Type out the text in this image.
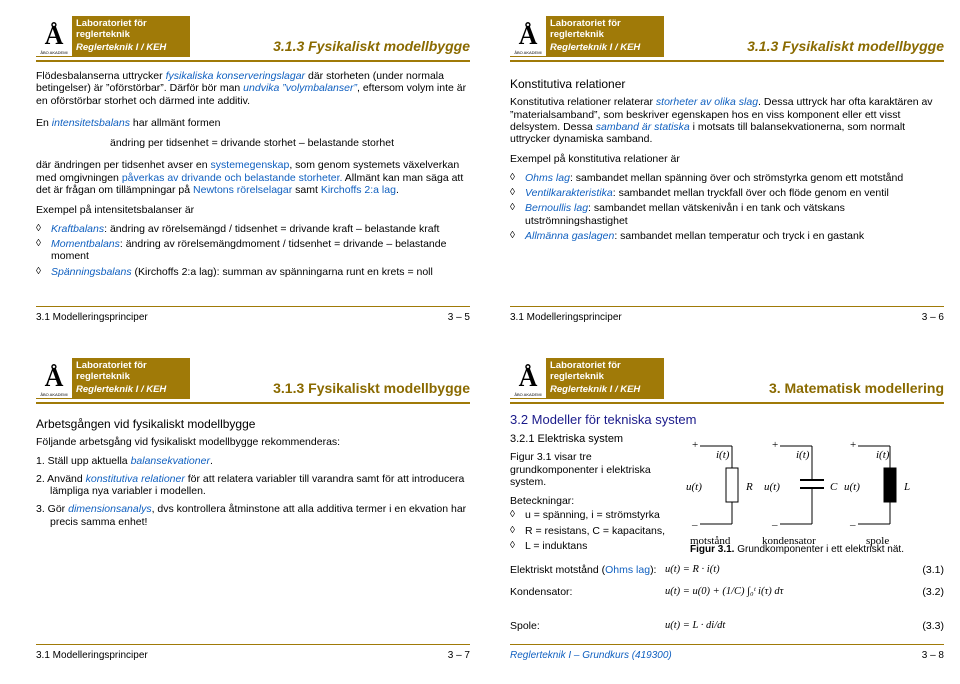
Å
ÅBO AKADEMI
Laboratoriet för
reglerteknik
Reglerteknik I / KEH	3.1.3 Fysikaliskt modellbygge

Flödesbalanserna uttrycker fysikaliska konserveringslagar där storheten (under normala betingelser) är ”oförstörbar”. Därför bör man undvika ”volymbalanser”, eftersom volym inte är en oförstörbar storhet och därmed inte additiv.

En intensitetsbalans har allmänt formen

ändring per tidsenhet = drivande storhet – belastande storhet

där ändringen per tidsenhet avser en systemegenskap, som genom systemets växelverkan med omgivningen påverkas av drivande och belastande storheter. Allmänt kan man säga att det är frågan om tillämpningar på Newtons rörelselagar samt Kirchoffs 2:a lag.

Exempel på intensitetsbalanser är

◊ Kraftbalans: ändring av rörelsemängd / tidsenhet = drivande kraft – belastande kraft
◊ Momentbalans: ändring av rörelsemängdmoment / tidsenhet = drivande – belastande moment
◊ Spänningsbalans (Kirchoffs 2:a lag): summan av spänningarna runt en krets = noll
3.1 Modelleringsprinciper	3 – 5
Å
ÅBO AKADEMI
Laboratoriet för
reglerteknik
Reglerteknik I / KEH	3.1.3 Fysikaliskt modellbygge

Konstitutiva relationer

Konstitutiva relationer relaterar storheter av olika slag. Dessa uttryck har ofta karaktären av ”materialsamband”, som beskriver egenskapen hos en viss komponent eller ett visst delsystem. Dessa samband är statiska i motsats till balansekvationerna, som normalt uttrycker dynamiska samband.

Exempel på konstitutiva relationer är

◊ Ohms lag: sambandet mellan spänning över och strömstyrka genom ett motstånd
◊ Ventilkarakteristika: sambandet mellan tryckfall över och flöde genom en ventil
◊ Bernoullis lag: sambandet mellan vätskenivån i en tank och vätskans utströmningshastighet
◊ Allmänna gaslagen: sambandet mellan temperatur och tryck i en gastank
3.1 Modelleringsprinciper	3 – 6
Å
ÅBO AKADEMI
Laboratoriet för
reglerteknik
Reglerteknik I / KEH	3.1.3 Fysikaliskt modellbygge

Arbetsgången vid fysikaliskt modellbygge

Följande arbetsgång vid fysikaliskt modellbygge rekommenderas:

1. Ställ upp aktuella balansekvationer.

2. Använd konstitutiva relationer för att relatera variabler till varandra samt för att introducera lämpliga nya variabler i modellen.

3. Gör dimensionsanalys, dvs kontrollera åtminstone att alla additiva termer i en ekvation har precis samma enhet!

3.1 Modelleringsprinciper	3 – 7
Å
ÅBO AKADEMI
Laboratoriet för
reglerteknik
Reglerteknik I / KEH	3. Matematisk modellering
3.2 Modeller för tekniska system
3.2.1 Elektriska system
Figur 3.1 visar tre grundkomponenter i elektriska system.
Beteckningar:
◊ u = spänning, i = strömstyrka
◊ R = resistans, C = kapacitans,
◊ L = induktans
+
–
i(t)
u(t)	R
motstånd
+
–
i(t)
u(t)	C
kondensator
+
–
i(t)
u(t)	L
spole
Figur 3.1. Grundkomponenter i ett elektriskt nät.
Elektriskt motstånd (Ohms lag): u(t) = R · i(t)	(3.1)
Kondensator:	u(t) = u(0) + (1/C) ∫₀ᵗ i(τ) dτ	(3.2)
Spole:	u(t) = L · di/dt	(3.3)
Reglerteknik I – Grundkurs (419300)	3 – 8
